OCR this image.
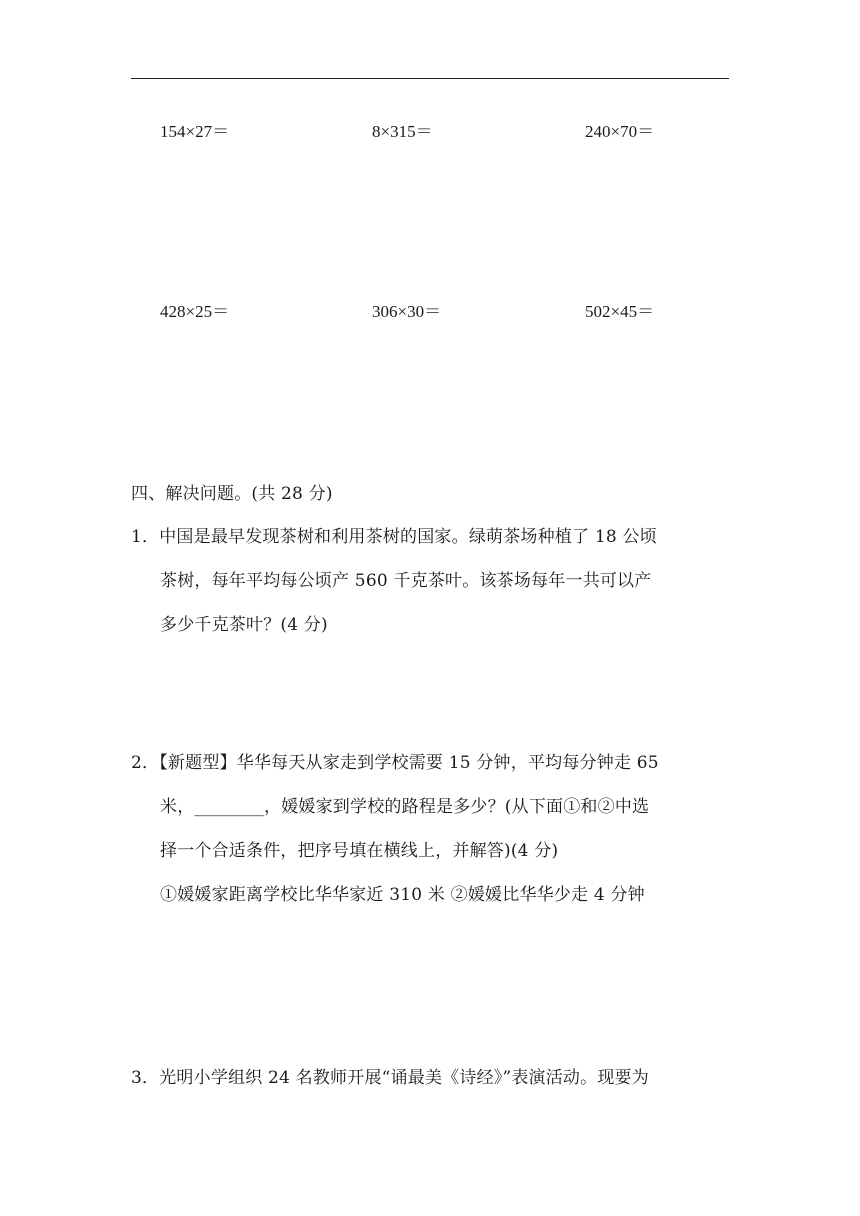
154×27＝	8×315＝	240×70＝
428×25＝	306×30＝	502×45＝
四、解决问题。(共 28 分)
1．中国是最早发现茶树和利用茶树的国家。绿萌茶场种植了 18 公顷
茶树，每年平均每公顷产 560 千克茶叶。该茶场每年一共可以产
多少千克茶叶？(4 分)
2．【新题型】华华每天从家走到学校需要 15 分钟，平均每分钟走 65
米，________，媛媛家到学校的路程是多少？(从下面①和②中选
择一个合适条件，把序号填在横线上，并解答)(4 分)
①媛媛家距离学校比华华家近 310 米 ②媛媛比华华少走 4 分钟
3．光明小学组织 24 名教师开展“诵最美《诗经》”表演活动。现要为
